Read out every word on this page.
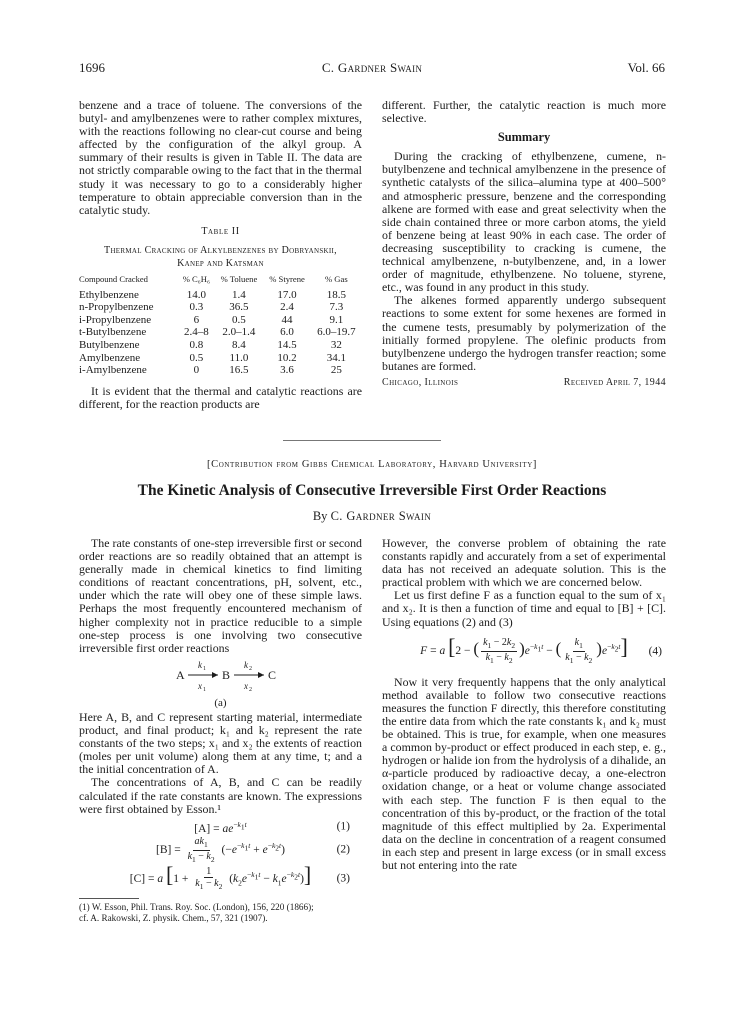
1696	C. Gardner Swain	Vol. 66

benzene and a trace of toluene. The conversions of the butyl- and amylbenzenes were to rather complex mixtures, with the reactions following no clear-cut course and being affected by the configuration of the alkyl group. A summary of their results is given in Table II. The data are not strictly comparable owing to the fact that in the thermal study it was necessary to go to a considerably higher temperature to obtain appreciable conversion than in the catalytic study.

Table II
Thermal Cracking of Alkylbenzenes by Dobryanskii,
Kanep and Katsman
Compound Cracked	% C₆H₆	% Toluene	% Styrene	% Gas
Ethylbenzene	14.0	1.4	17.0	18.5
n-Propylbenzene	0.3	36.5	2.4	7.3
i-Propylbenzene	6	0.5	44	9.1
t-Butylbenzene	2.4–8	2.0–1.4	6.0	6.0–19.7
Butylbenzene	0.8	8.4	14.5	32
Amylbenzene	0.5	11.0	10.2	34.1
i-Amylbenzene	0	16.5	3.6	25

It is evident that the thermal and catalytic reactions are different, for the reaction products are

different. Further, the catalytic reaction is much more selective.

Summary

During the cracking of ethylbenzene, cumene, n-butylbenzene and technical amylbenzene in the presence of synthetic catalysts of the silica–alumina type at 400–500° and atmospheric pressure, benzene and the corresponding alkene are formed with ease and great selectivity when the side chain contained three or more carbon atoms, the yield of benzene being at least 90% in each case. The order of decreasing susceptibility to cracking is cumene, the technical amylbenzene, n-butylbenzene, and, in a lower order of magnitude, ethylbenzene. No toluene, styrene, etc., was found in any product in this study.

The alkenes formed apparently undergo subsequent reactions to some extent for some hexenes are formed in the cumene tests, presumably by polymerization of the initially formed propylene. The olefinic products from butylbenzene undergo the hydrogen transfer reaction; some butanes are formed.

Chicago, Illinois	Received April 7, 1944
[Contribution from Gibbs Chemical Laboratory, Harvard University]
The Kinetic Analysis of Consecutive Irreversible First Order Reactions
By C. Gardner Swain

The rate constants of one-step irreversible first or second order reactions are so readily obtained that an attempt is generally made in chemical kinetics to find limiting conditions of reactant concentrations, pH, solvent, etc., under which the rate will obey one of these simple laws. Perhaps the most frequently encountered mechanism of higher complexity not in practice reducible to a simple one-step process is one involving two consecutive irreversible first order reactions

A
k 1
x 1
B
k 2
x 2
C
(a)

Here A, B, and C represent starting material, intermediate product, and final product; k₁ and k₂ represent the rate constants of the two steps; x₁ and x₂ the extents of reaction (moles per unit volume) along them at any time, t; and a the initial concentration of A.

The concentrations of A, B, and C can be readily calculated if the rate constants are known. The expressions were first obtained by Esson.¹

$[A] = ae^{-k_1t}$	(1)
$[B] = \frac{ak_1}{k_1 - k_2} (-e^{-k_1t} + e^{-k_2t})$	(2)
[C] = a $[1 + \frac{1}{k_1 - k_2} (k_2e^{-k_1t} - k_1e^{-k_2t})]$ (3)

(1) W. Esson, Phil. Trans. Roy. Soc. (London), 156, 220 (1866);

cf. A. Rakowski, Z. physik. Chem., 57, 321 (1907).

However, the converse problem of obtaining the rate constants rapidly and accurately from a set of experimental data has not received an adequate solution. This is the practical problem with which we are concerned below.

Let us first define F as a function equal to the sum of x₁ and x₂. It is then a function of time and equal to [B] + [C]. Using equations (2) and (3)

F = a [2 − ( $\frac{k_1 - 2k_2}{k_1 - k_2} )e^{-k_1t}$ − ( $\frac{k_1}{k_1 - k_2} )e^{-k_2t}$] (4)

Now it very frequently happens that the only analytical method available to follow two consecutive reactions measures the function F directly, this therefore constituting the entire data from which the rate constants k₁ and k₂ must be obtained. This is true, for example, when one measures a common by-product or effect produced in each step, e. g., hydrogen or halide ion from the hydrolysis of a dihalide, an α-particle produced by radioactive decay, a one-electron oxidation change, or a heat or volume change associated with each step. The function F is then equal to the concentration of this by-product, or the fraction of the total magnitude of this effect multiplied by 2a. Experimental data on the decline in concentration of a reagent consumed in each step and present in large excess (or in small excess but not entering into the rate
